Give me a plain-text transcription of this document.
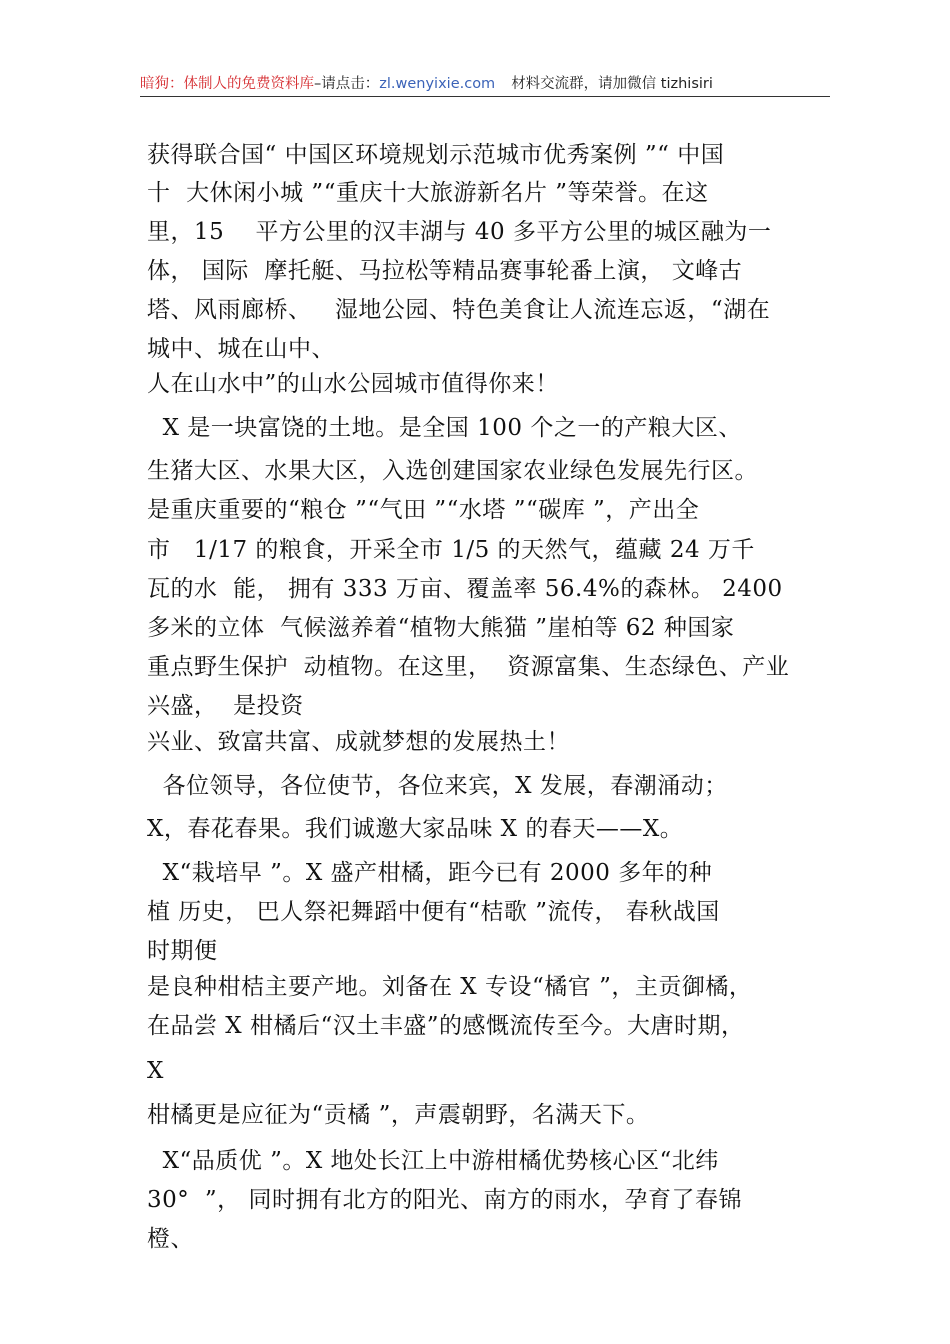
暗狗：体制人的免费资料库–请点击：zl.wenyixie.com 材料交流群，请加微信 tizhisiri
获得联合国“ 中国区环境规划示范城市优秀案例 ”“ 中国
十  大休闲小城 ”“重庆十大旅游新名片 ”等荣誉。在这
里，15    平方公里的汉丰湖与 40 多平方公里的城区融为一
体， 国际  摩托艇、马拉松等精品赛事轮番上演， 文峰古
塔、风雨廊桥、   湿地公园、特色美食让人流连忘返，“湖在
城中、城在山中、
人在山水中”的山水公园城市值得你来！
X 是一块富饶的土地。是全国 100 个之一的产粮大区、
生猪大区、水果大区，入选创建国家农业绿色发展先行区。
是重庆重要的“粮仓 ”“气田 ”“水塔 ”“碳库 ”，产出全
市   1/17 的粮食，开采全市 1/5 的天然气，蕴藏 24 万千
瓦的水  能， 拥有 333 万亩、覆盖率 56.4%的森林。 2400
多米的立体  气候滋养着“植物大熊猫 ”崖柏等 62 种国家
重点野生保护  动植物。在这里，  资源富集、生态绿色、产业
兴盛，  是投资
兴业、致富共富、成就梦想的发展热土！
各位领导，各位使节，各位来宾，X 发展，春潮涌动；
X，春花春果。我们诚邀大家品味 X 的春天——X。
X“栽培早 ”。X 盛产柑橘，距今已有 2000 多年的种
植 历史， 巴人祭祀舞蹈中便有“桔歌 ”流传， 春秋战国
时期便
是良种柑桔主要产地。刘备在 X 专设“橘官 ”，主贡御橘，
在品尝 X 柑橘后“汉土丰盛”的感慨流传至今。大唐时期，
X
柑橘更是应征为“贡橘 ”，声震朝野，名满天下。
X“品质优 ”。X 地处长江上中游柑橘优势核心区“北纬
30°  ”， 同时拥有北方的阳光、南方的雨水，孕育了春锦
橙、
